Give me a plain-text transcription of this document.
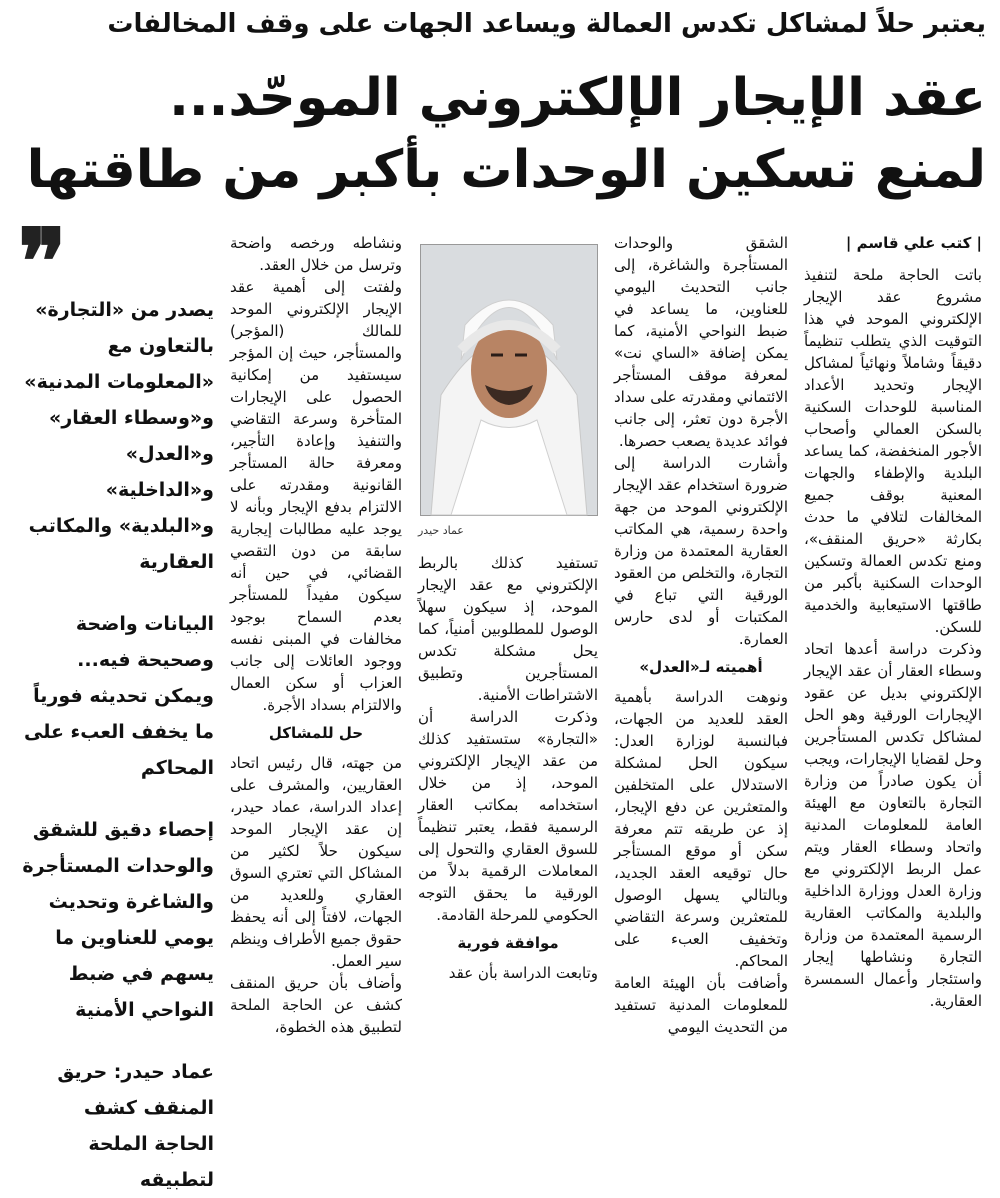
يعتبر حلاً لمشاكل تكدس العمالة ويساعد الجهات على وقف المخالفات
عقد الإيجار الإلكتروني الموحّد...
لمنع تسكين الوحدات بأكبر من طاقتها
| كتب علي قاسم |

باتت الحاجة ملحة لتنفيذ مشروع عقد الإيجار الإلكتروني الموحد في هذا التوقيت الذي يتطلب تنظيماً دقيقاً وشاملاً ونهائياً لمشاكل الإيجار وتحديد الأعداد المناسبة للوحدات السكنية بالسكن العمالي وأصحاب الأجور المنخفضة، كما يساعد البلدية والإطفاء والجهات المعنية بوقف جميع المخالفات لتلافي ما حدث بكارثة «حريق المنقف»، ومنع تكدس العمالة وتسكين الوحدات السكنية بأكبر من طاقتها الاستيعابية والخدمية للسكن.

وذكرت دراسة أعدها اتحاد وسطاء العقار أن عقد الإيجار الإلكتروني بديل عن عقود الإيجارات الورقية وهو الحل لمشاكل تكدس المستأجرين وحل لقضايا الإيجارات، ويجب أن يكون صادراً من وزارة التجارة بالتعاون مع الهيئة العامة للمعلومات المدنية واتحاد وسطاء العقار ويتم عمل الربط الإلكتروني مع وزارة العدل ووزارة الداخلية والبلدية والمكاتب العقارية الرسمية المعتمدة من وزارة التجارة ونشاطها إيجار واستئجار وأعمال السمسرة العقارية.

الشقق والوحدات المستأجرة والشاغرة، إلى جانب التحديث اليومي للعناوين، ما يساعد في ضبط النواحي الأمنية، كما يمكن إضافة «الساي نت» لمعرفة موقف المستأجر الائتماني ومقدرته على سداد الأجرة دون تعثر، إلى جانب فوائد عديدة يصعب حصرها.

وأشارت الدراسة إلى ضرورة استخدام عقد الإيجار الإلكتروني الموحد من جهة واحدة رسمية، هي المكاتب العقارية المعتمدة من وزارة التجارة، والتخلص من العقود الورقية التي تباع في المكتبات أو لدى حارس العمارة.

أهميته لـ«العدل»

ونوهت الدراسة بأهمية العقد للعديد من الجهات، فبالنسبة لوزارة العدل: سيكون الحل لمشكلة الاستدلال على المتخلفين والمتعثرين عن دفع الإيجار، إذ عن طريقه تتم معرفة سكن أو موقع المستأجر حال توقيعه العقد الجديد، وبالتالي يسهل الوصول للمتعثرين وسرعة التقاضي وتخفيف العبء على المحاكم.

وأضافت بأن الهيئة العامة للمعلومات المدنية تستفيد من التحديث اليومي

عماد حيدر

تستفيد كذلك بالربط الإلكتروني مع عقد الإيجار الموحد، إذ سيكون سهلاً الوصول للمطلوبين أمنياً، كما يحل مشكلة تكدس المستأجرين وتطبيق الاشتراطات الأمنية.

وذكرت الدراسة أن «التجارة» ستستفيد كذلك من عقد الإيجار الإلكتروني الموحد، إذ من خلال استخدامه بمكاتب العقار الرسمية فقط، يعتبر تنظيماً للسوق العقاري والتحول إلى المعاملات الرقمية بدلاً من الورقية ما يحقق التوجه الحكومي للمرحلة القادمة.

موافقة فورية

وتابعت الدراسة بأن عقد

ونشاطه ورخصه واضحة وترسل من خلال العقد.

ولفتت إلى أهمية عقد الإيجار الإلكتروني الموحد للمالك (المؤجر) والمستأجر، حيث إن المؤجر سيستفيد من إمكانية الحصول على الإيجارات المتأخرة وسرعة التقاضي والتنفيذ وإعادة التأجير، ومعرفة حالة المستأجر القانونية ومقدرته على الالتزام بدفع الإيجار وبأنه لا يوجد عليه مطالبات إيجارية سابقة من دون التقصي القضائي، في حين أنه سيكون مفيداً للمستأجر بعدم السماح بوجود مخالفات في المبنى نفسه ووجود العائلات إلى جانب العزاب أو سكن العمال والالتزام بسداد الأجرة.

حل للمشاكل

من جهته، قال رئيس اتحاد العقاريين، والمشرف على إعداد الدراسة، عماد حيدر، إن عقد الإيجار الموحد سيكون حلاً لكثير من المشاكل التي تعتري السوق العقاري وللعديد من الجهات، لافتاً إلى أنه يحفظ حقوق جميع الأطراف وينظم سير العمل.

وأضاف بأن حريق المنقف كشف عن الحاجة الملحة لتطبيق هذه الخطوة،

❞

يصدر من «التجارة» بالتعاون مع «المعلومات المدنية» و«وسطاء العقار» و«العدل» و«الداخلية» و«البلدية» والمكاتب العقارية

البيانات واضحة وصحيحة فيه... ويمكن تحديثه فورياً ما يخفف العبء على المحاكم

إحصاء دقيق للشقق والوحدات المستأجرة والشاغرة وتحديث يومي للعناوين ما يسهم في ضبط النواحي الأمنية

عماد حيدر: حريق المنقف كشف الحاجة الملحة لتطبيقه
